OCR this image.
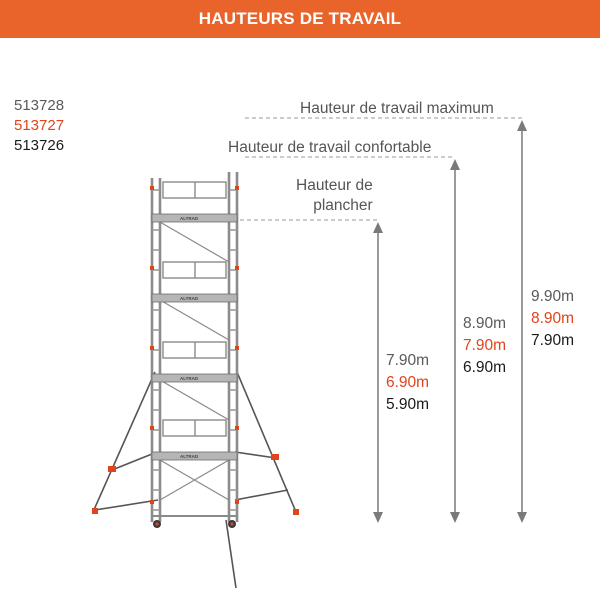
HAUTEURS DE TRAVAIL
513728
513727
513726
ALTRAD
ALTRAD
ALTRAD
ALTRAD
Hauteur de travail maximum
Hauteur de travail confortable
Hauteur de
plancher
7.90m
6.90m
5.90m
8.90m
7.90m
6.90m
9.90m
8.90m
7.90m
